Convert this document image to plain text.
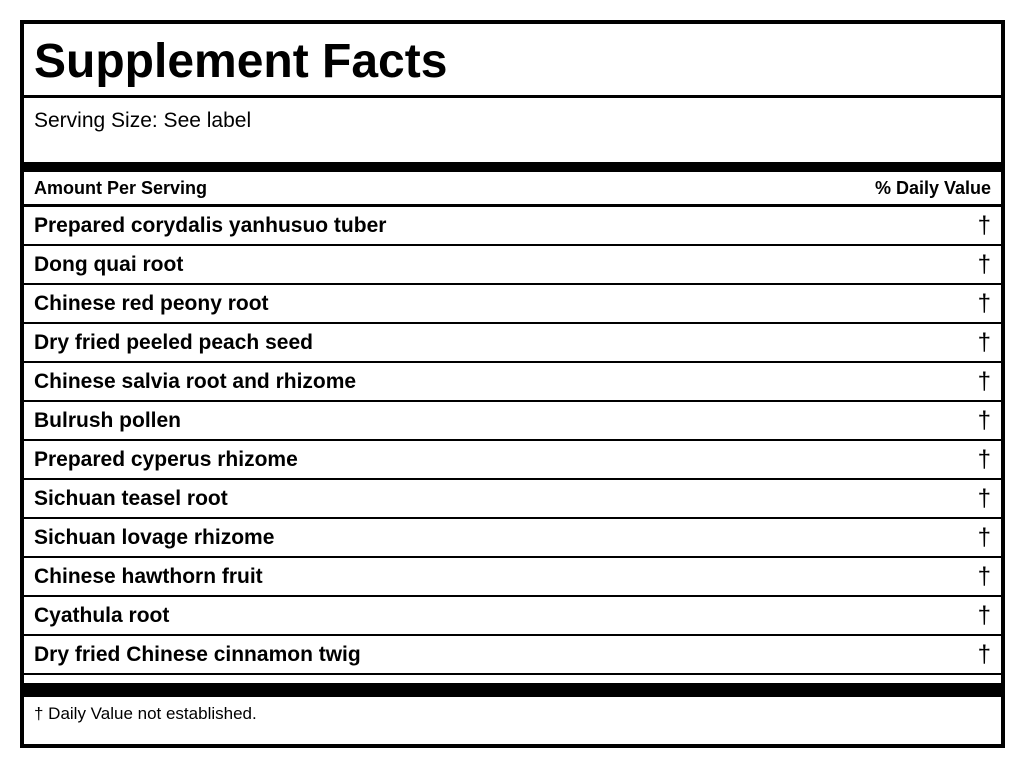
Supplement Facts
Serving Size: See label
Amount Per Serving	% Daily Value
Prepared corydalis yanhusuo tuber	†
Dong quai root	†
Chinese red peony root	†
Dry fried peeled peach seed	†
Chinese salvia root and rhizome	†
Bulrush pollen	†
Prepared cyperus rhizome	†
Sichuan teasel root	†
Sichuan lovage rhizome	†
Chinese hawthorn fruit	†
Cyathula root	†
Dry fried Chinese cinnamon twig	†
† Daily Value not established.
